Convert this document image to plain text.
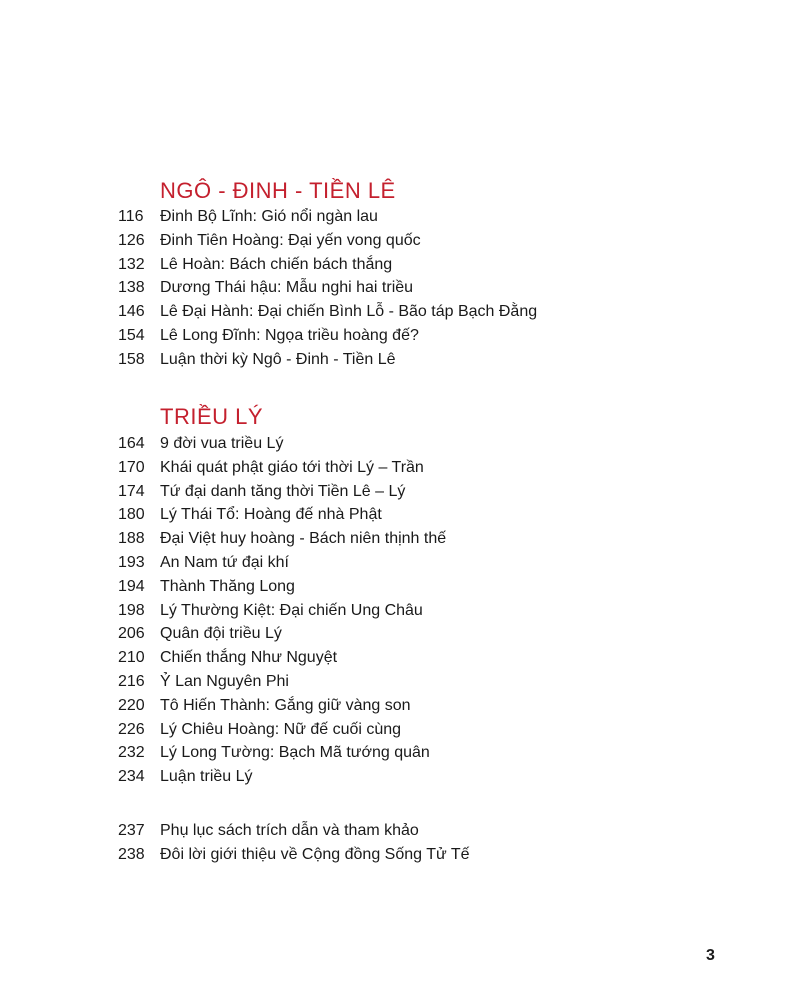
NGÔ - ĐINH - TIỀN LÊ
116 Đinh Bộ Lĩnh: Gió nổi ngàn lau
126 Đinh Tiên Hoàng: Đại yến vong quốc
132 Lê Hoàn: Bách chiến bách thắng
138 Dương Thái hậu: Mẫu nghi hai triều
146 Lê Đại Hành: Đại chiến Bình Lỗ - Bão táp Bạch Đằng
154 Lê Long Đĩnh: Ngọa triều hoàng đế?
158 Luận thời kỳ Ngô - Đinh - Tiền Lê
TRIỀU LÝ
164 9 đời vua triều Lý
170 Khái quát phật giáo tới thời Lý – Trần
174 Tứ đại danh tăng thời Tiền Lê – Lý
180 Lý Thái Tổ: Hoàng đế nhà Phật
188 Đại Việt huy hoàng - Bách niên thịnh thế
193 An Nam tứ đại khí
194 Thành Thăng Long
198 Lý Thường Kiệt: Đại chiến Ung Châu
206 Quân đội triều Lý
210 Chiến thắng Như Nguyệt
216 Ỷ Lan Nguyên Phi
220 Tô Hiến Thành: Gắng giữ vàng son
226 Lý Chiêu Hoàng: Nữ đế cuối cùng
232 Lý Long Tường: Bạch Mã tướng quân
234 Luận triều Lý
237 Phụ lục sách trích dẫn và tham khảo
238 Đôi lời giới thiệu về Cộng đồng Sống Tử Tế
3
